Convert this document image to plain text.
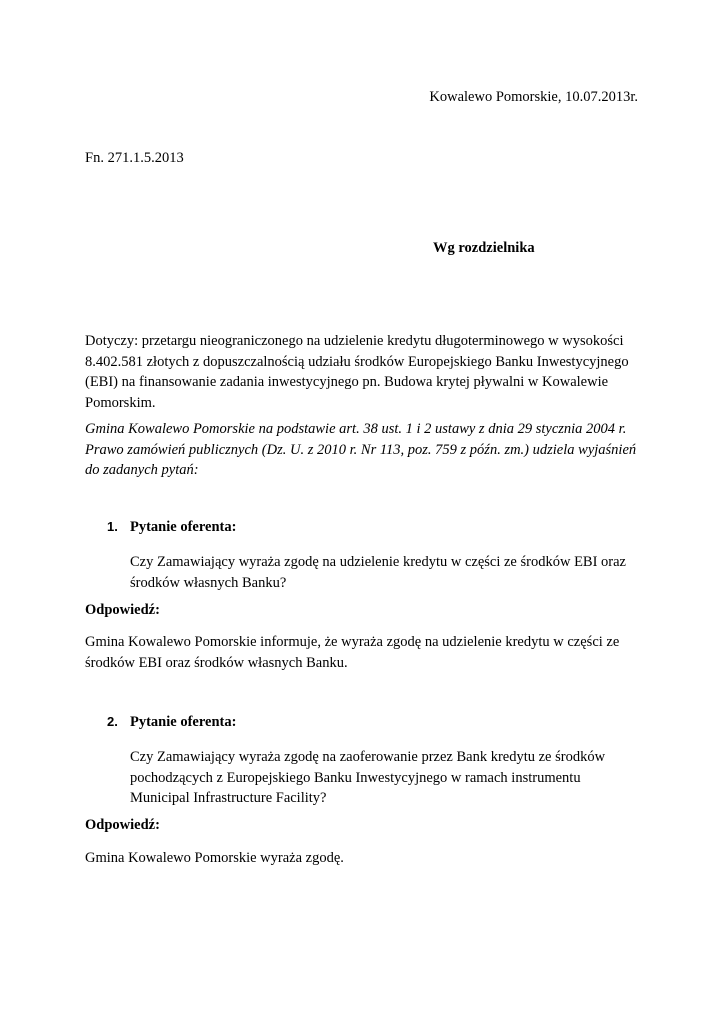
Kowalewo Pomorskie, 10.07.2013r.
Fn. 271.1.5.2013
Wg rozdzielnika

Dotyczy: przetargu nieograniczonego na udzielenie kredytu długoterminowego w wysokości 8.402.581 złotych z dopuszczalnością udziału środków Europejskiego Banku Inwestycyjnego (EBI) na finansowanie zadania inwestycyjnego pn. Budowa krytej pływalni w Kowalewie Pomorskim.

Gmina Kowalewo Pomorskie na podstawie art. 38 ust. 1 i 2 ustawy z dnia 29 stycznia 2004 r. Prawo zamówień publicznych (Dz. U. z 2010 r. Nr 113, poz. 759 z późn. zm.) udziela wyjaśnień do zadanych pytań:

1. Pytanie oferenta:

Czy Zamawiający wyraża zgodę na udzielenie kredytu w części ze środków EBI oraz środków własnych Banku?

Odpowiedź:

Gmina Kowalewo Pomorskie informuje, że wyraża zgodę na udzielenie kredytu w części ze środków EBI oraz środków własnych Banku.

2. Pytanie oferenta:

Czy Zamawiający wyraża zgodę na zaoferowanie przez Bank kredytu ze środków pochodzących z Europejskiego Banku Inwestycyjnego w ramach instrumentu Municipal Infrastructure Facility?

Odpowiedź:

Gmina Kowalewo Pomorskie wyraża zgodę.
